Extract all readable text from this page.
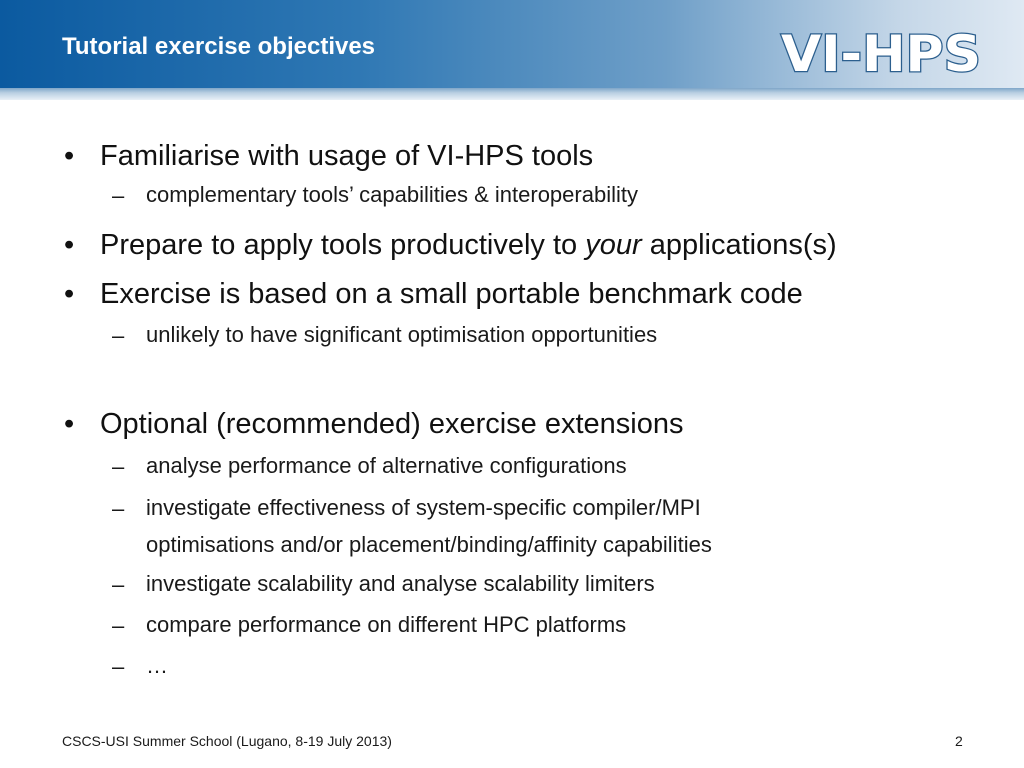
Tutorial exercise objectives	VI-HPS
• Familiarise with usage of VI-HPS tools
– complementary tools’ capabilities & interoperability
• Prepare to apply tools productively to your applications(s)
• Exercise is based on a small portable benchmark code
– unlikely to have significant optimisation opportunities
• Optional (recommended) exercise extensions
– analyse performance of alternative configurations
– investigate effectiveness of system-specific compiler/MPI
optimisations and/or placement/binding/affinity capabilities
– investigate scalability and analyse scalability limiters
– compare performance on different HPC platforms
– …
CSCS-USI Summer School (Lugano, 8-19 July 2013)	2
